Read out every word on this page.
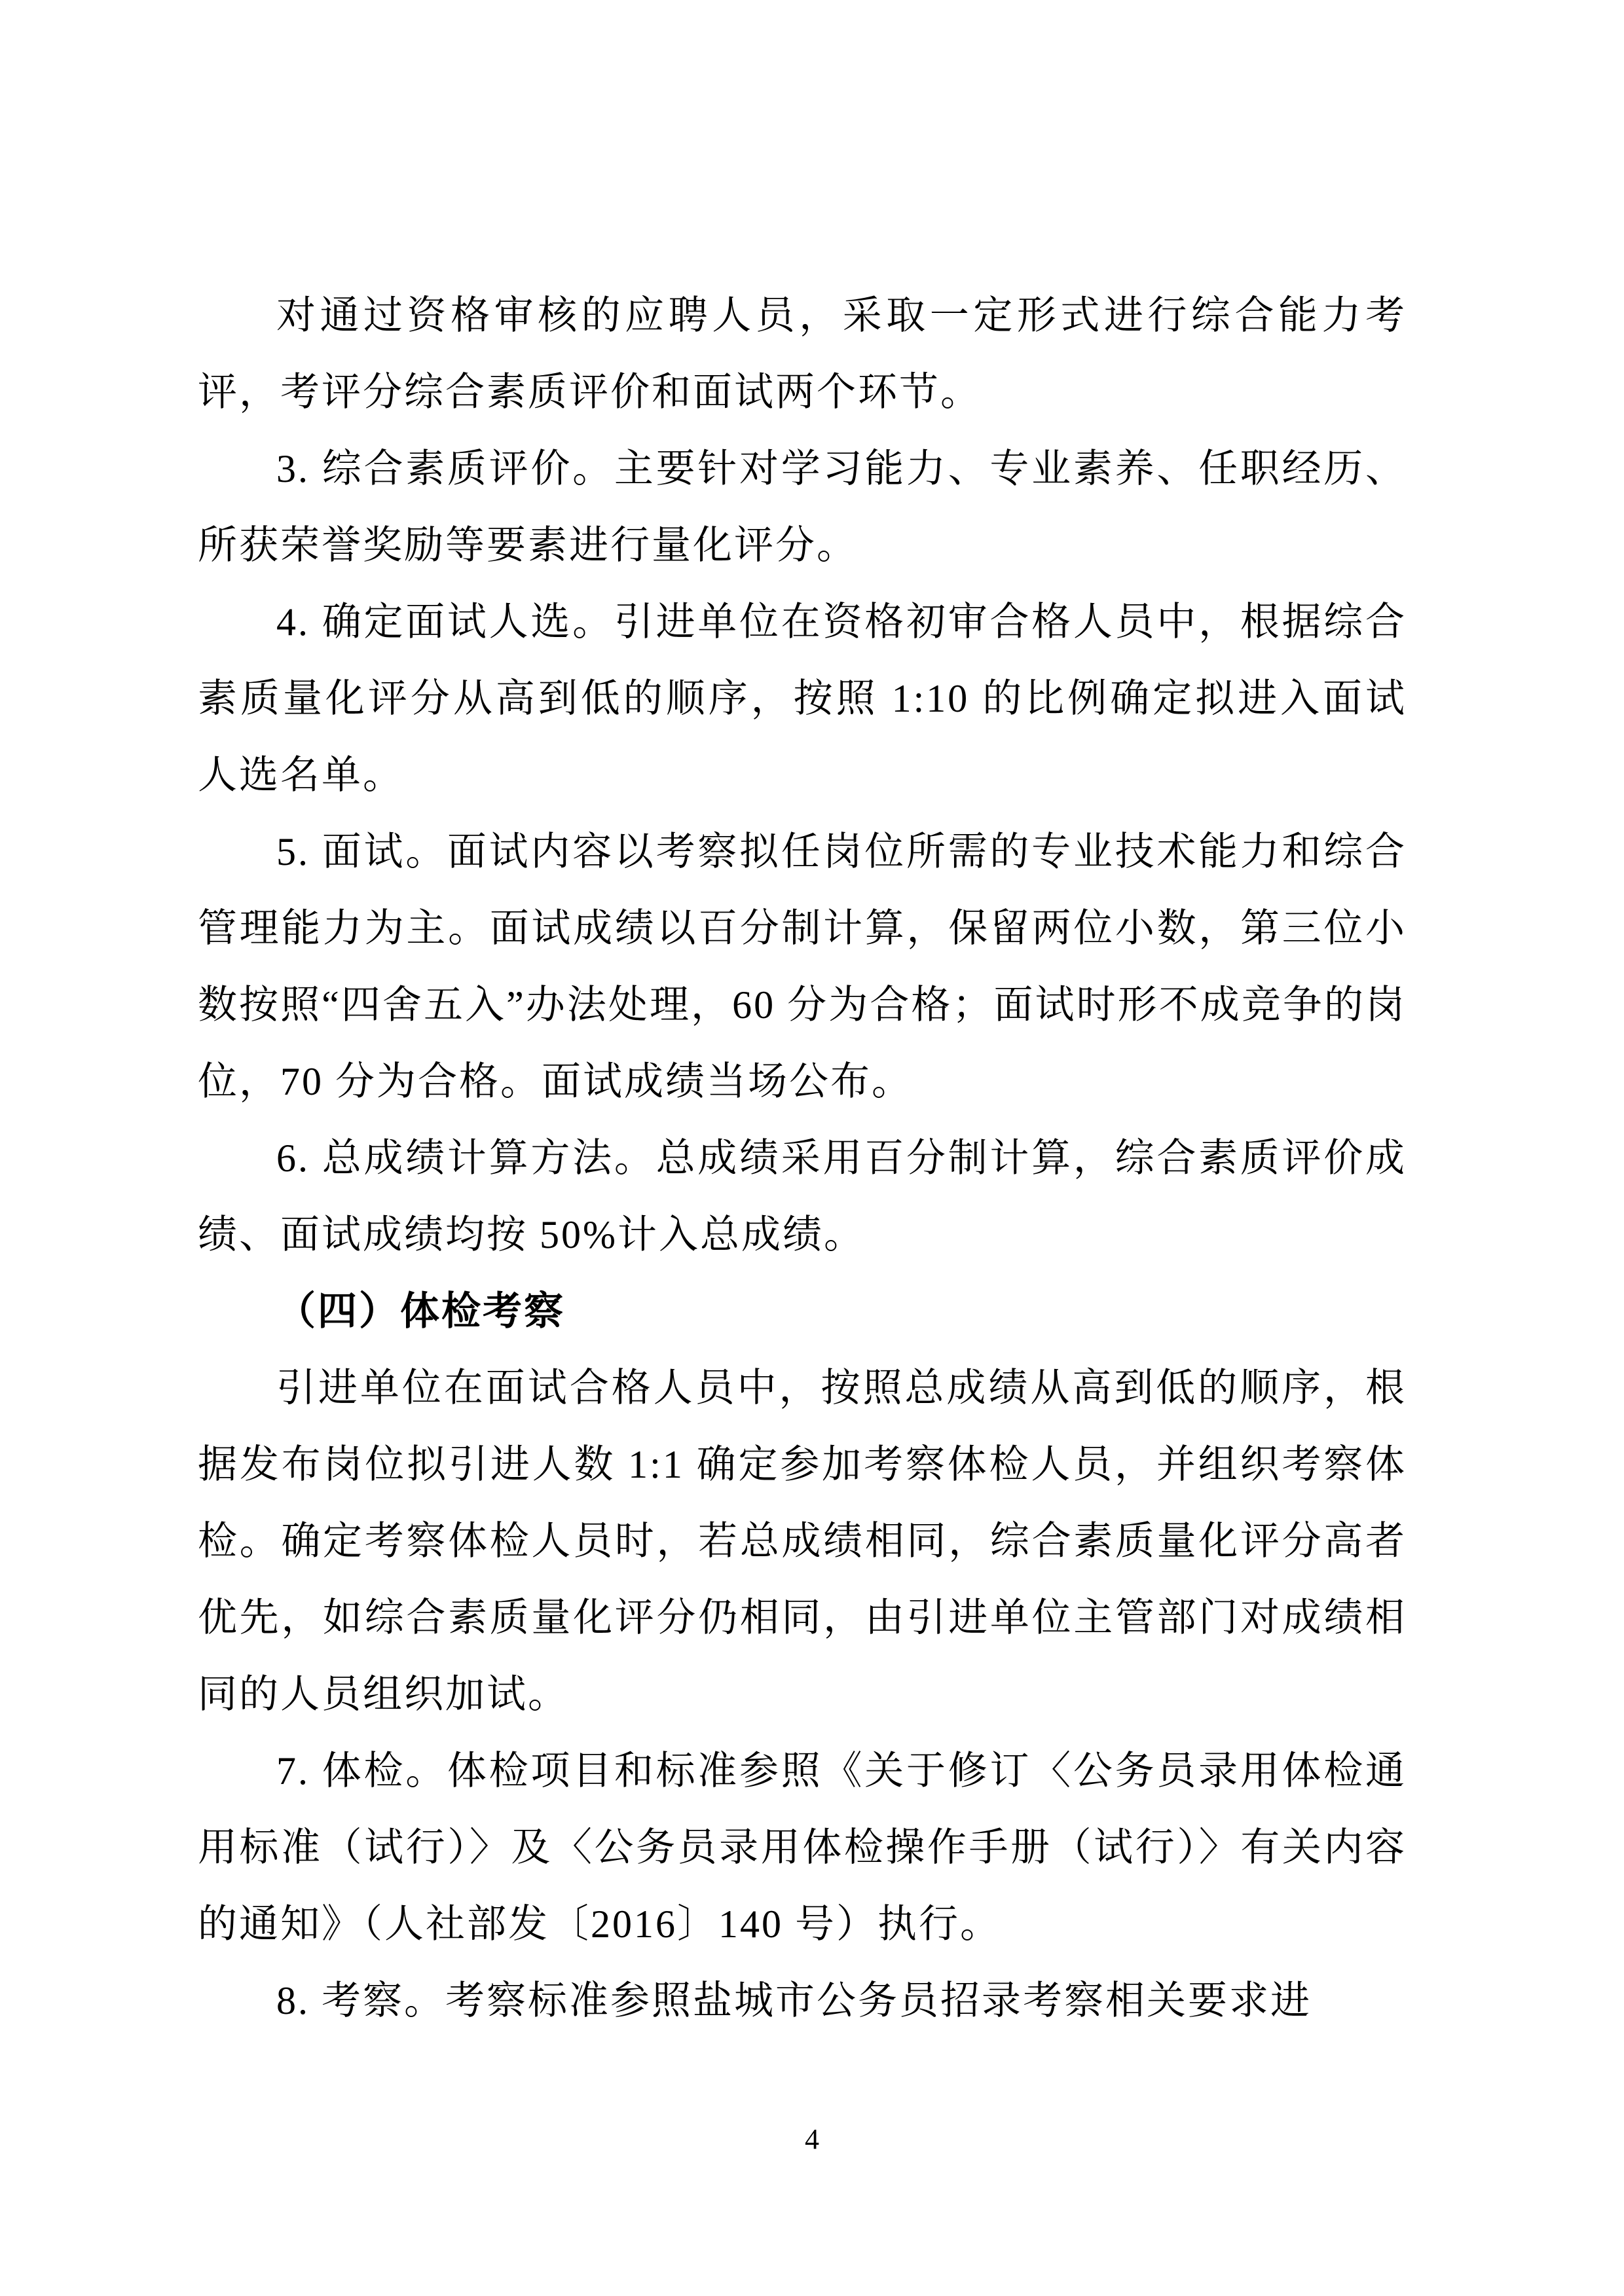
对通过资格审核的应聘人员，采取一定形式进行综合能力考评，考评分综合素质评价和面试两个环节。

3. 综合素质评价。主要针对学习能力、专业素养、任职经历、所获荣誉奖励等要素进行量化评分。

4. 确定面试人选。引进单位在资格初审合格人员中，根据综合素质量化评分从高到低的顺序，按照 1:10 的比例确定拟进入面试人选名单。

5. 面试。面试内容以考察拟任岗位所需的专业技术能力和综合管理能力为主。面试成绩以百分制计算，保留两位小数，第三位小数按照“四舍五入”办法处理，60 分为合格；面试时形不成竞争的岗位，70 分为合格。面试成绩当场公布。

6. 总成绩计算方法。总成绩采用百分制计算，综合素质评价成绩、面试成绩均按 50%计入总成绩。

（四）体检考察

引进单位在面试合格人员中，按照总成绩从高到低的顺序，根据发布岗位拟引进人数 1:1 确定参加考察体检人员，并组织考察体检。确定考察体检人员时，若总成绩相同，综合素质量化评分高者优先，如综合素质量化评分仍相同，由引进单位主管部门对成绩相同的人员组织加试。

7. 体检。体检项目和标准参照《关于修订〈公务员录用体检通用标准（试行）〉及〈公务员录用体检操作手册（试行）〉有关内容的通知》（人社部发〔2016〕140 号）执行。

8. 考察。考察标准参照盐城市公务员招录考察相关要求进

4
